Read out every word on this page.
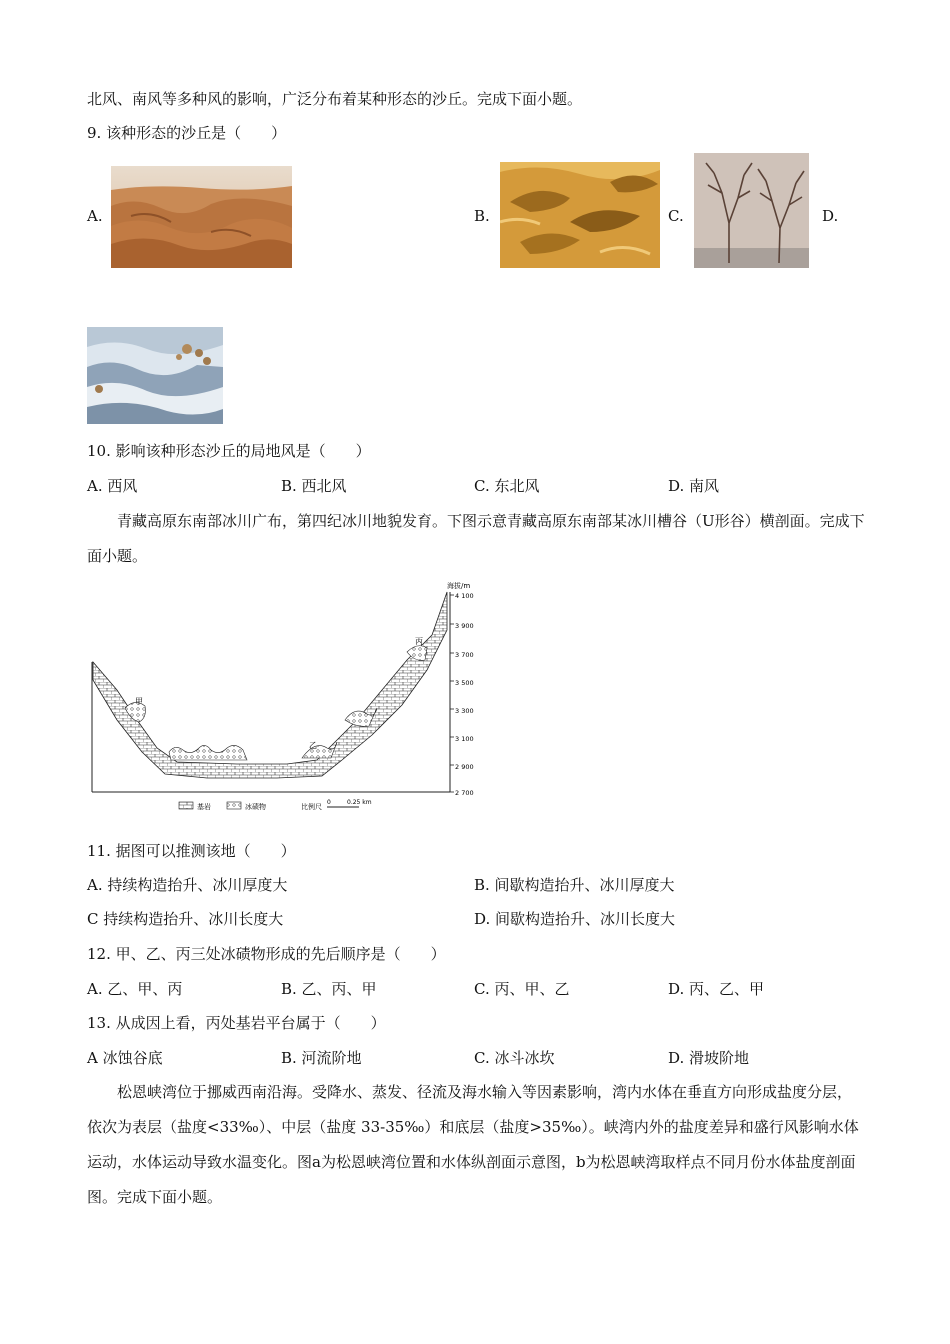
北风、南风等多种风的影响，广泛分布着某种形态的沙丘。完成下面小题。
9. 该种形态的沙丘是（　　）
A.	B.	C.	D.
10. 影响该种形态沙丘的局地风是（　　）
A. 西风	B. 西北风	C. 东北风	D. 南风
青藏高原东南部冰川广布，第四纪冰川地貌发育。下图示意青藏高原东南部某冰川槽谷（U形谷）横剖面。完成下面小题。
海拔/m
4 100
3 900
3 700
3 500
3 300
3 100
2 900
2 700
甲
乙
丙
基岩	冰碛物	比例尺
0	0.25 km
11. 据图可以推测该地（　　）
A. 持续构造抬升、冰川厚度大	B. 间歇构造抬升、冰川厚度大
C 持续构造抬升、冰川长度大	D. 间歇构造抬升、冰川长度大
12. 甲、乙、丙三处冰碛物形成的先后顺序是（　　）
A. 乙、甲、丙	B. 乙、丙、甲	C. 丙、甲、乙	D. 丙、乙、甲
13. 从成因上看，丙处基岩平台属于（　　）
A 冰蚀谷底	B. 河流阶地	C. 冰斗冰坎	D. 滑坡阶地
松恩峡湾位于挪威西南沿海。受降水、蒸发、径流及海水输入等因素影响，湾内水体在垂直方向形成盐度分层，依次为表层（盐度<33‰）、中层（盐度 33-35‰）和底层（盐度>35‰）。峡湾内外的盐度差异和盛行风影响水体运动，水体运动导致水温变化。图a为松恩峡湾位置和水体纵剖面示意图，b为松恩峡湾取样点不同月份水体盐度剖面图。完成下面小题。
